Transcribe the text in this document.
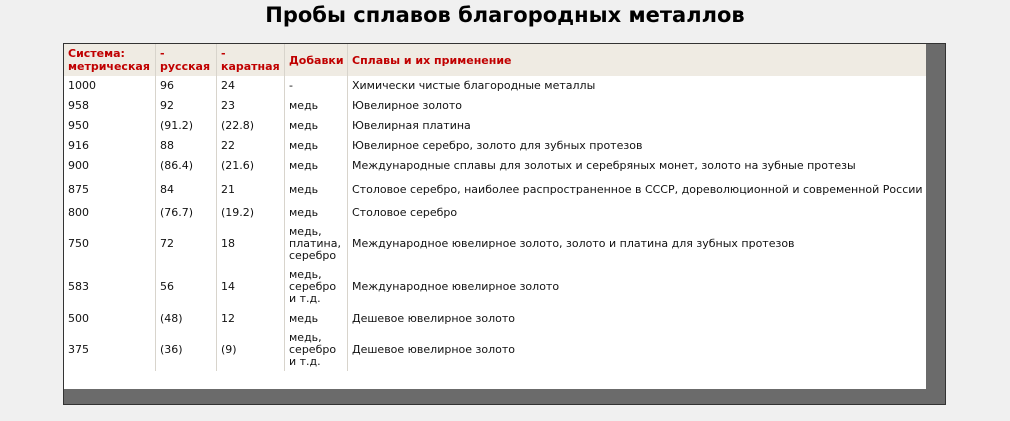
Пробы сплавов благородных металлов
Система: метрическая	- русская	- каратная	Добавки	Сплавы и их применение
1000	96	24	-	Химически чистые благородные металлы
958	92	23	медь	Ювелирное золото
950	(91.2)	(22.8)	медь	Ювелирная платина
916	88	22	медь	Ювелирное серебро, золото для зубных протезов
900	(86.4)	(21.6)	медь	Международные сплавы для золотых и серебряных монет, золото на зубные протезы
875	84	21	медь	Столовое серебро, наиболее распространенное в СССР, дореволюционной и современной России
800	(76.7)	(19.2)	медь	Столовое серебро
750	72	18	медь,
платина,
серебро	Международное ювелирное золото, золото и платина для зубных протезов
583	56	14	медь,
серебро
и т.д.	Международное ювелирное золото
500	(48)	12	медь	Дешевое ювелирное золото
375	(36)	(9)	медь,
серебро
и т.д.	Дешевое ювелирное золото
